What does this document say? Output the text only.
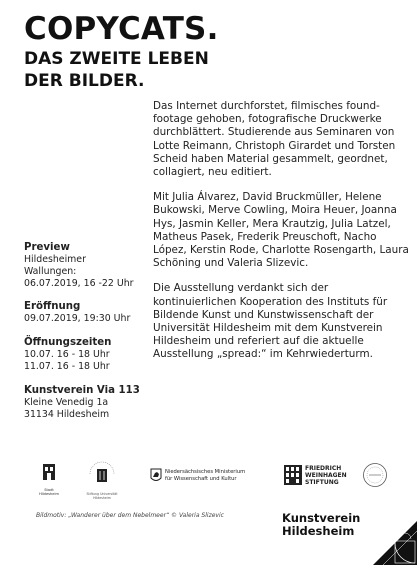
COPYCATS.
DAS ZWEITE LEBEN
DER BILDER.

Das Internet durchforstet, filmisches found-footage gehoben, fotografische Druckwerke durchblättert. Studierende aus Seminaren von Lotte Reimann, Christoph Girardet und Torsten Scheid haben Material gesammelt, geordnet, collagiert, neu editiert.

Mit Julia Álvarez, David Bruckmüller, Helene Bukowski, Merve Cowling, Moira Heuer, Joanna Hys, Jasmin Keller, Mera Krautzig, Julia Latzel, Matheus Pasek, Frederik Preuschoft, Nacho López, Kerstin Rode, Charlotte Rosengarth, Laura Schöning und Valeria Slizevic.

Die Ausstellung verdankt sich der kontinuierlichen Kooperation des Instituts für Bildende Kunst und Kunstwissenschaft der Universität Hildesheim mit dem Kunstverein Hildesheim und referiert auf die aktuelle Ausstellung „spread:“ im Kehrwiederturm.

Preview
Hildesheimer
Wallungen:
06.07.2019, 16 -22 Uhr
Eröffnung
09.07.2019, 19:30 Uhr
Öffnungszeiten
10.07. 16 - 18 Uhr
11.07. 16 - 18 Uhr
Kunstverein Via 113
Kleine Venedig 1a
31134 Hildesheim
Stadt Hildesheim	Stiftung Universität Hildesheim
Niedersächsisches Ministerium
für Wissenschaft und Kultur
FRIEDRICH
WEINHAGEN
STIFTUNG
Bildmotiv: „Wanderer über dem Nebelmeer“ © Valeria Slizevic	Kunstverein
Hildesheim
